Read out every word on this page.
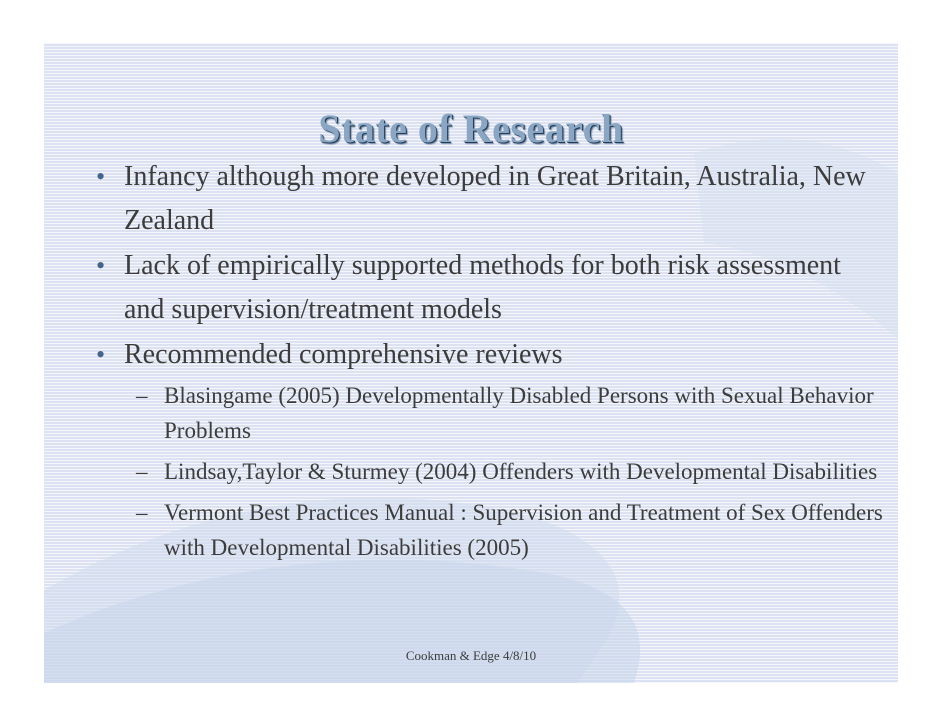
State of Research
• Infancy although more developed in Great Britain, Australia, New Zealand
• Lack of empirically supported methods for both risk assessment and supervision/treatment models
• Recommended comprehensive reviews
– Blasingame (2005) Developmentally Disabled Persons with Sexual Behavior Problems
– Lindsay,Taylor & Sturmey (2004) Offenders with Developmental Disabilities
– Vermont Best Practices Manual : Supervision and Treatment of Sex Offenders with Developmental Disabilities (2005)
Cookman & Edge 4/8/10
